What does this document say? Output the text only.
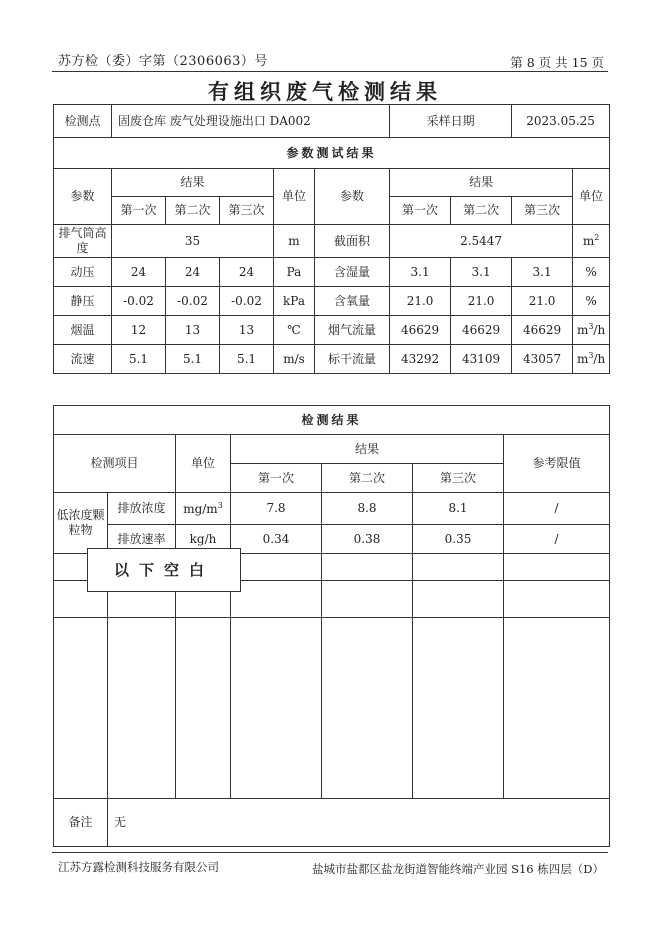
苏方检（委）字第（2306063）号	第 8 页 共 15 页
有组织废气检测结果
检测点	固废仓库 废气处理设施出口 DA002					采样日期		2023.05.25	
参数测试结果									
参数	结果			单位	参数	结果			单位
	第一次	第二次	第三次			第一次	第二次	第三次	
排气筒高度	35			m	截面积	2.5447			$m^2$
动压	24	24	24	Pa	含湿量	3.1	3.1	3.1	%
静压	-0.02	-0.02	-0.02	kPa	含氧量	21.0	21.0	21.0	%
烟温	12	13	13	℃	烟气流量	46629	46629	46629	$m^3/h$
流速	5.1	5.1	5.1	m/s	标干流量	43292	43109	43057	$m^3/h$
检测结果						
检测项目		单位	结果			参考限值
			第一次	第二次	第三次	
低浓度颗粒物	排放浓度	$mg/m^3$	7.8	8.8	8.1	/
	排放速率	kg/h	0.34	0.38	0.35	/

备注	无					
以下空白
江苏方露检测科技服务有限公司	盐城市盐都区盐龙街道智能终端产业园 S16 栋四层（D）
